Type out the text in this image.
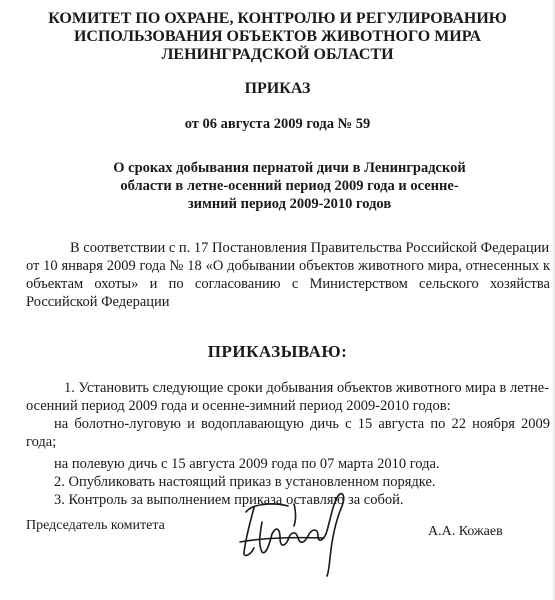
КОМИТЕТ ПО ОХРАНЕ, КОНТРОЛЮ И РЕГУЛИРОВАНИЮ

ИСПОЛЬЗОВАНИЯ ОБЪЕКТОВ ЖИВОТНОГО МИРА

ЛЕНИНГРАДСКОЙ ОБЛАСТИ

ПРИКАЗ

от 06 августа 2009 года № 59

О сроках добывания пернатой дичи в Ленинградской

области в летне-осенний период 2009 года и осенне-

зимний период 2009-2010 годов

В соответствии с п. 17 Постановления Правительства Российской Федерации

от 10 января 2009 года № 18 «О добывании объектов животного мира, отнесенных к

объектам охоты» и по согласованию с Министерством сельского хозяйства

Российской Федерации

ПРИКАЗЫВАЮ:

1. Установить следующие сроки добывания объектов животного мира в летне-

осенний период 2009 года и осенне-зимний период 2009-2010 годов:

на болотно-луговую и водоплавающую дичь с 15 августа по 22 ноября 2009

года;

на полевую дичь с 15 августа 2009 года по 07 марта 2010 года.

2. Опубликовать настоящий приказ в установленном порядке.

3. Контроль за выполнением приказа оставляю за собой.

Председатель комитета	А.А. Кожаев
